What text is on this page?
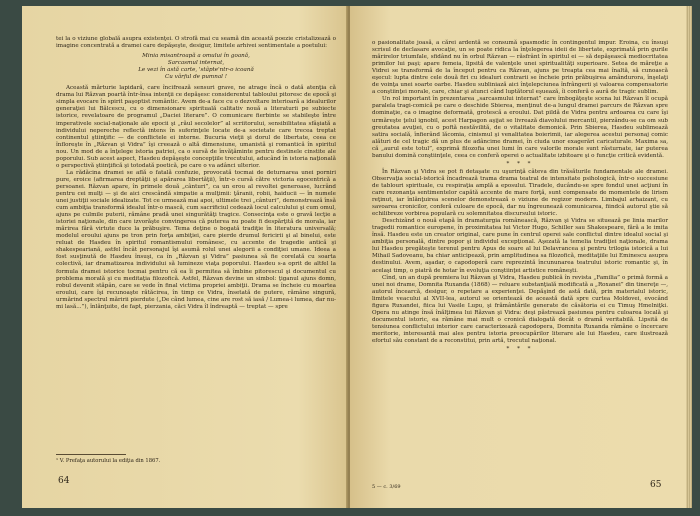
tei la o viziune globală asupra existenţei. O strofă mai cu seamă din această poezie cristalizează o imagine concentrată a dramei care depăşeşte, desigur, limitele arhivei sentimentale a poetului:

Minia misantroapă a omului în goană,
Sarcasmul internat,
Le vezi în astă carte, 'stâpte'ntr-o icoană
Cu vârful de pumnal !

Această mărturie lapidară, care încifrează sensuri grave, ne atrage încă o dată atenţia că drama lui Răzvan poartă într-însa intenţii ce depăşesc considerentul tabloului pitoresc de epocă şi simpla evocare în spirit paşoptist romântic. Avem de-a face cu o dezvoltare interioară a idealurilor generaţiei lui Bălcescu, cu o dimensionare spirituală calitativ nouă a literaturii pe subiecte istorice, revelatoare de programul „Daciei literare”. O comunicare fierbinte se stabileşte între imperativele social-naţionale ale epocii şi „răul secolelor” al scriitorului, sensibilitatea sfâşiată a individului nepereche reflectă intens în suferinţele locate de-a societate care trecea treptat continentul ştiinţific — de conflictele ei interne. Bucuria vieţii şi dorul de libertate, ceea ce înfloreşte în „Răzvan şi Vidra” îşi creează o altă dimensiune, umanistă şi romantică în spiritul nou. Un mod de a înţelege istoria patriei, ca o sursă de învăţăminte pentru destinele cinstite ale poporului. Sub acest aspect, Hasdeu depăşeşte concepţiile trecutului, aducând în istoria naţională o perspectivă ştiinţifică şi totodată poetică, pe care o va adânci ulterior.

La rădăcina dramei se află o fatală confuzie, provocată tocmai de deturnarea unei porniri pure, eroice (afirmarea dreptăţii şi apărarea libertăţii), într-o cursă către victoria egocentrică a persoanei. Răzvan apare, în primele două „cânturi”, ca un erou al revoltei generoase, lucrând pentru cei mulţi — şi de aici crescândă simpatie a mulţimii: ţăranii, robii, haiducii — în numele unei justiţii sociale idealizate. Tot ce urmează mai apoi, ultimele trei „cânturi”, demonstrează însă cum ambiţia transformă idealul într-o mască, cum sacrificiul cedează locul calculului şi cum omul, ajuns pe culmile puterii, rămâne pradă unei singurătăţi tragice. Consecinţa este o gravă lecţie a istoriei naţionale, din care izvorăşte convingerea că puterea nu poate fi despărţită de morala, iar mărirea fără virtute duce la prăbuşire. Tema deţine o bogată tradiţie în literatura universală; modelul eroului ajuns pe tron prin forţa ambiţiei, care pierde drumul fericirii şi al binelui, este reluat de Hasdeu în spiritul romantismului românesc, cu accente de tragedie antică şi shakespeariană, astfel încât personajul îşi asumă rolul unei alegorii a condiţiei umane. Ideea a fost susţinută de Hasdeu însuşi, ca în „Răzvan şi Vidra” pasiunea să fie corelată cu soarta colectivă, iar dramatizarea individului să lumineze viaţa poporului. Hasdeu s-a oprit de altfel la formula dramei istorice tocmai pentru că ea îi permitea să îmbine pitorescul şi documentul cu problema morală şi cu meditaţia filozofică. Astfel, Răzvan devine un simbol: ţiganul ajuns domn, robul devenit stăpân, care se vede în final victima propriei ambiţii. Drama se încheie cu moartea eroului, care îşi recunoaşte rătăcirea, în timp ce Vidra, însetată de putere, rămâne singură, urmărind spectrul măririi pierdute („De când lumea, cine are rost să iasă / Lumea-i lumea, dar nu-mi lasă...”), înlănţuite, de fapt, pierzania, căci Vidra îl îndreaptă — treptat — spre

¹ V. Prefaţa autorului la ediţia din 1867.
64

o pasionalitate joasă, a cărei ardentă se consumă spasmodic în contingentul impur. Eroina, cu însuşi scrisul de declasare avocaţie, un se poate ridica la înţelegerea ideii de libertate, exprimată prin gurile mărirelor triumfale, sfidând nu în orbul Răzvan — răsfrânt în spiritul ei — să depăşească mediocritatea primilor lui paşi; apare femeia, lipsită de valenţele unei spiritualităţi superioare. Setea de măreţie a Vidrei se transformă de la început pentru ca Răzvan, ajuns pe treapta cea mai înaltă, să cunoască eşecul: lupta dintre cele două firi cu idealuri contrarii se încheie prin prăbuşirea amândurora, înşelaţi de voinţa unei soarte oarbe. Hasdeu subliniază aici înţelepciunea înfrângerii şi valoarea compensatorie a conştiinţei morale, care, chiar şi atunci când luptătorul eşuează, îi conferă o aură de tragic sublim.

Un rol important în prezentarea „sarcasmului internat” care îmbogăţeşte scena lui Răzvan îl ocupă paralela tragi-comică pe care o deschide Sbierea, menţinut de-a lungul dramei parcurs de Răzvan spre dominaţie, ca o imagine deformată, grotescă a eroului. Dat pildă de Vidra pentru ardoarea cu care îşi urmăreşte ţelul ignobil, acest Harpagon aşijat se livrează diavolului mercantil, pierzându-se ca om sub greutatea avuţiei, cu o poftă nestăvilită, de o vitalitate demonică. Prin Sbierea, Hasdeu sublimează satira socială, înfierând lăcomia, cinismul şi venalitatea boierimii, iar alegerea acestui personaj comic alături de cel tragic dă un plus de adâncime dramei, în ciuda unor exagerări caricaturale. Maxima sa, că „aurul este totul”, exprimă filozofia unei lumi în care valorile morale sunt răsturnate, iar puterea banului domină conştiinţele, ceea ce conferă operei o actualitate izbitoare şi o funcţie critică evidentă.

* * *

În Răzvan şi Vidra se pot fi detaşate cu uşurinţă câteva din trăsăturile fundamentale ale dramei. Observaţia social-istorică încadrează trama drama teatral de intensitate psihologică, într-o succesiune de tablouri spirituale, cu respiraţia amplă a eposului. Tiradele, ducându-se spre fondul unei acţiuni în care rezonanţa sentimentelor capătă accente de mare forţă, sunt compensate de momentele de lirism reţinut, iar înlănţuirea scenelor demonstrează o viziune de regizor modern. Limbajul arhaizant, cu savoarea cronicilor, conferă culoare de epocă, dar nu îngreunează comunicarea, fiindcă autorul ştie să echilibreze vorbirea populară cu solemnitatea discursului istoric.

Deschizând o nouă etapă în dramaturgia românească, Răzvan şi Vidra se situează pe linia marilor tragedii romantice europene, în proximitatea lui Victor Hugo, Schiller sau Shakespeare, fără a le imita însă. Hasdeu este un creator original, care pune în centrul operei sale conflictul dintre idealul social şi ambiţia personală, dintre popor şi individul excepţional. Aşezată la temelia tradiţiei naţionale, drama lui Hasdeu pregăteşte terenul pentru Apus de soare al lui Delavrancea şi pentru trilogia istorică a lui Mihail Sadoveanu, ba chiar anticipează, prin amplitudinea sa filozofică, meditaţiile lui Eminescu asupra destinului. Avem, aşadar, o capodoperă care reprezintă încununarea teatrului istoric romantic şi, în acelaşi timp, o piatră de hotar în evoluţia conştiinţei artistice româneşti.

Cînd, un an după premiera lui Răzvan şi Vidra, Hasdeu publică în revista „Familia” o primă formă a unei noi drame, Domnita Ruxanda (1868) — reluare substanţială modificată a „Roxanei” din tinereţe —, autorul încearcă, desigur, o repetare a experienţei. Depăşind de astă dată, prin materialul istoric, limitele veacului al XVII-lea, autorul se orientează de această dată spre curtea Moldovei, evocând figura Ruxandei, fiica lui Vasile Lupu, şi frământările generate de căsătoria ei cu Timuş Hmelniţki. Opera nu atinge însă înălţimea lui Răzvan şi Vidra: deşi păstrează pasiunea pentru culoarea locală şi documentul istoric, ea rămâne mai mult o cronică dialogată decât o dramă veritabilă. Lipsită de tensiunea conflictului interior care caracterizează capodopera, Domnita Ruxanda rămâne o încercare meritorie, interesantă mai ales pentru istoria preocupărilor literare ale lui Hasdeu, care ilustrează efortul său constant de a reconstitui, prin artă, trecutul naţional.

* * *

5 — c. 3/69	65
